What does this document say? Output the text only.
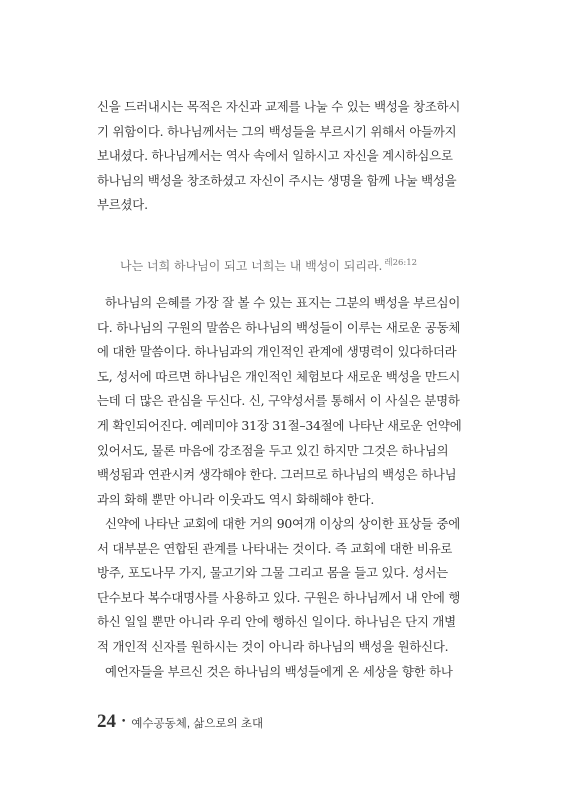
신을 드러내시는 목적은 자신과 교제를 나눌 수 있는 백성을 창조하시
기 위함이다. 하나님께서는 그의 백성들을 부르시기 위해서 아들까지
보내셨다. 하나님께서는 역사 속에서 일하시고 자신을 계시하심으로
하나님의 백성을 창조하셨고 자신이 주시는 생명을 함께 나눌 백성을
부르셨다.

나는 너희 하나님이 되고 너희는 내 백성이 되리라. $^{레26:12}$

하나님의 은혜를 가장 잘 볼 수 있는 표지는 그분의 백성을 부르심이
다. 하나님의 구원의 말씀은 하나님의 백성들이 이루는 새로운 공동체
에 대한 말씀이다. 하나님과의 개인적인 관계에 생명력이 있다하더라
도, 성서에 따르면 하나님은 개인적인 체험보다 새로운 백성을 만드시
는데 더 많은 관심을 두신다. 신, 구약성서를 통해서 이 사실은 분명하
게 확인되어진다. 예레미야 31장 31절–34절에 나타난 새로운 언약에
있어서도, 물론 마음에 강조점을 두고 있긴 하지만 그것은 하나님의
백성됨과 연관시켜 생각해야 한다. 그러므로 하나님의 백성은 하나님
과의 화해 뿐만 아니라 이웃과도 역시 화해해야 한다.

신약에 나타난 교회에 대한 거의 90여개 이상의 상이한 표상들 중에
서 대부분은 연합된 관계를 나타내는 것이다. 즉 교회에 대한 비유로
방주, 포도나무 가지, 물고기와 그물 그리고 몸을 들고 있다. 성서는
단수보다 복수대명사를 사용하고 있다. 구원은 하나님께서 내 안에 행
하신 일일 뿐만 아니라 우리 안에 행하신 일이다. 하나님은 단지 개별
적 개인적 신자를 원하시는 것이 아니라 하나님의 백성을 원하신다.

예언자들을 부르신 것은 하나님의 백성들에게 온 세상을 향한 하나

24 • 예수공동체, 삶으로의 초대
